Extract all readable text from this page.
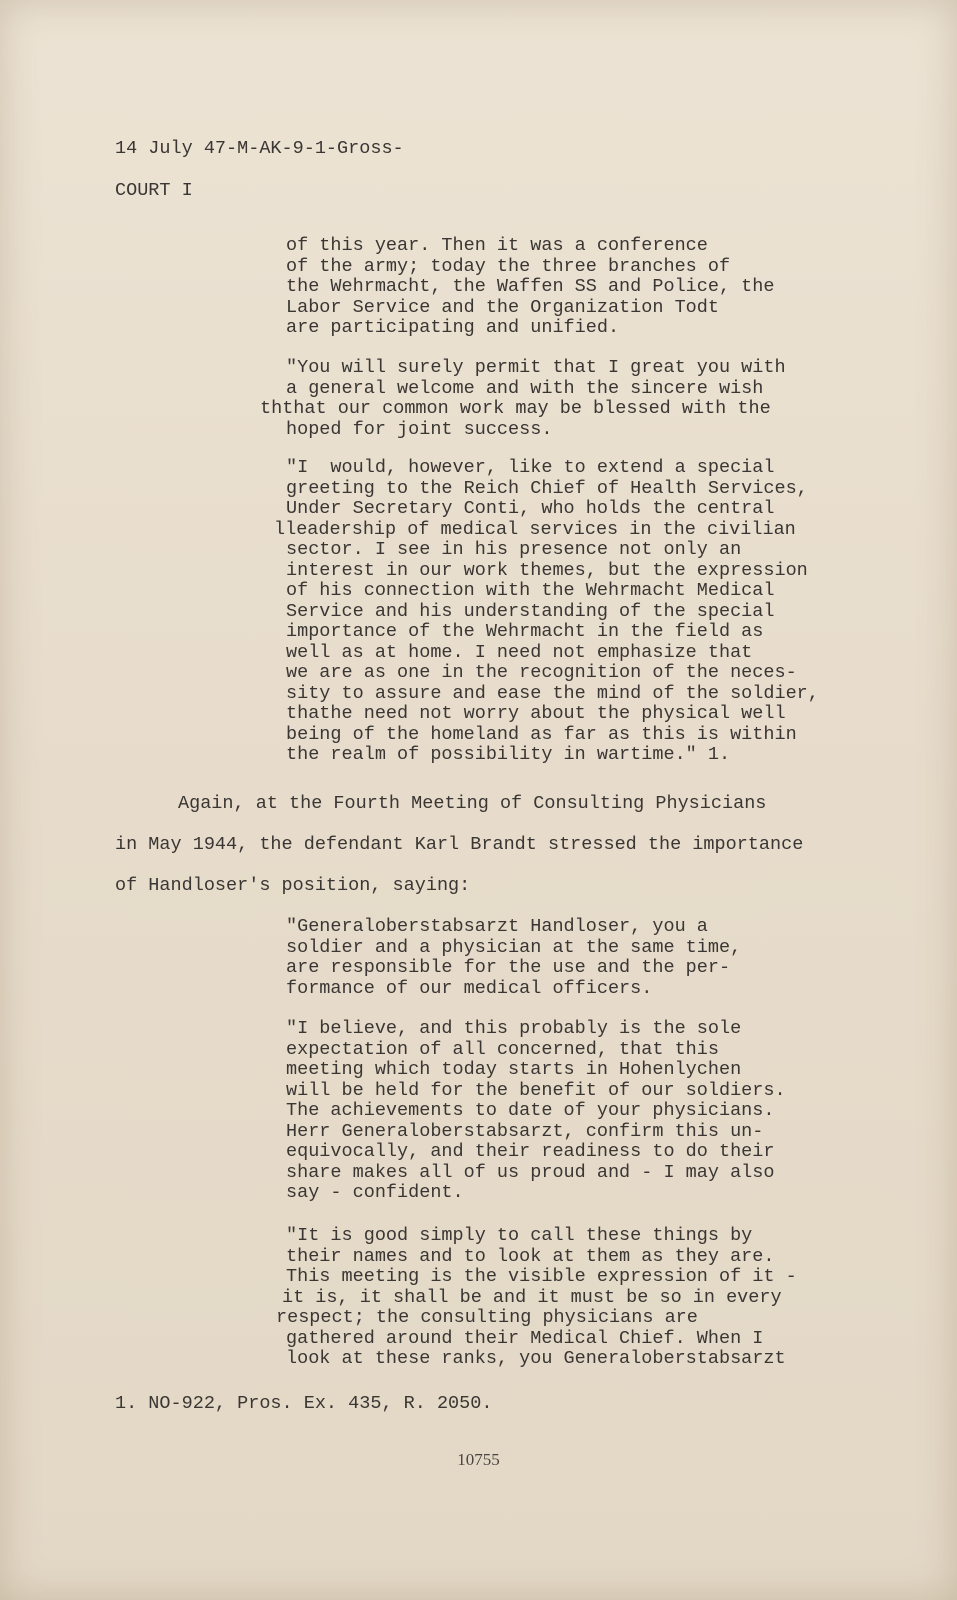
14 July 47-M-AK-9-1-Gross-
COURT I
of this year. Then it was a conference
of the army; today the three branches of
the Wehrmacht, the Waffen SS and Police, the
Labor Service and the Organization Todt
are participating and unified.
"You will surely permit that I great you with
a general welcome and with the sincere wish
ththat our common work may be blessed with the
hoped for joint success.
"I  would, however, like to extend a special
greeting to the Reich Chief of Health Services,
Under Secretary Conti, who holds the central
lleadership of medical services in the civilian
sector. I see in his presence not only an
interest in our work themes, but the expression
of his connection with the Wehrmacht Medical
Service and his understanding of the special
importance of the Wehrmacht in the field as
well as at home. I need not emphasize that
we are as one in the recognition of the neces-
sity to assure and ease the mind of the soldier,
thathe need not worry about the physical well
being of the homeland as far as this is within
the realm of possibility in wartime." 1.
Again, at the Fourth Meeting of Consulting Physicians
in May 1944, the defendant Karl Brandt stressed the importance
of Handloser's position, saying:
"Generaloberstabsarzt Handloser, you a
soldier and a physician at the same time,
are responsible for the use and the per-
formance of our medical officers.
"I believe, and this probably is the sole
expectation of all concerned, that this
meeting which today starts in Hohenlychen
will be held for the benefit of our soldiers.
The achievements to date of your physicians.
Herr Generaloberstabsarzt, confirm this un-
equivocally, and their readiness to do their
share makes all of us proud and - I may also
say - confident.
"It is good simply to call these things by
their names and to look at them as they are.
This meeting is the visible expression of it -
it is, it shall be and it must be so in every
respect; the consulting physicians are
gathered around their Medical Chief. When I
look at these ranks, you Generaloberstabsarzt
1. NO-922, Pros. Ex. 435, R. 2050.
10755
